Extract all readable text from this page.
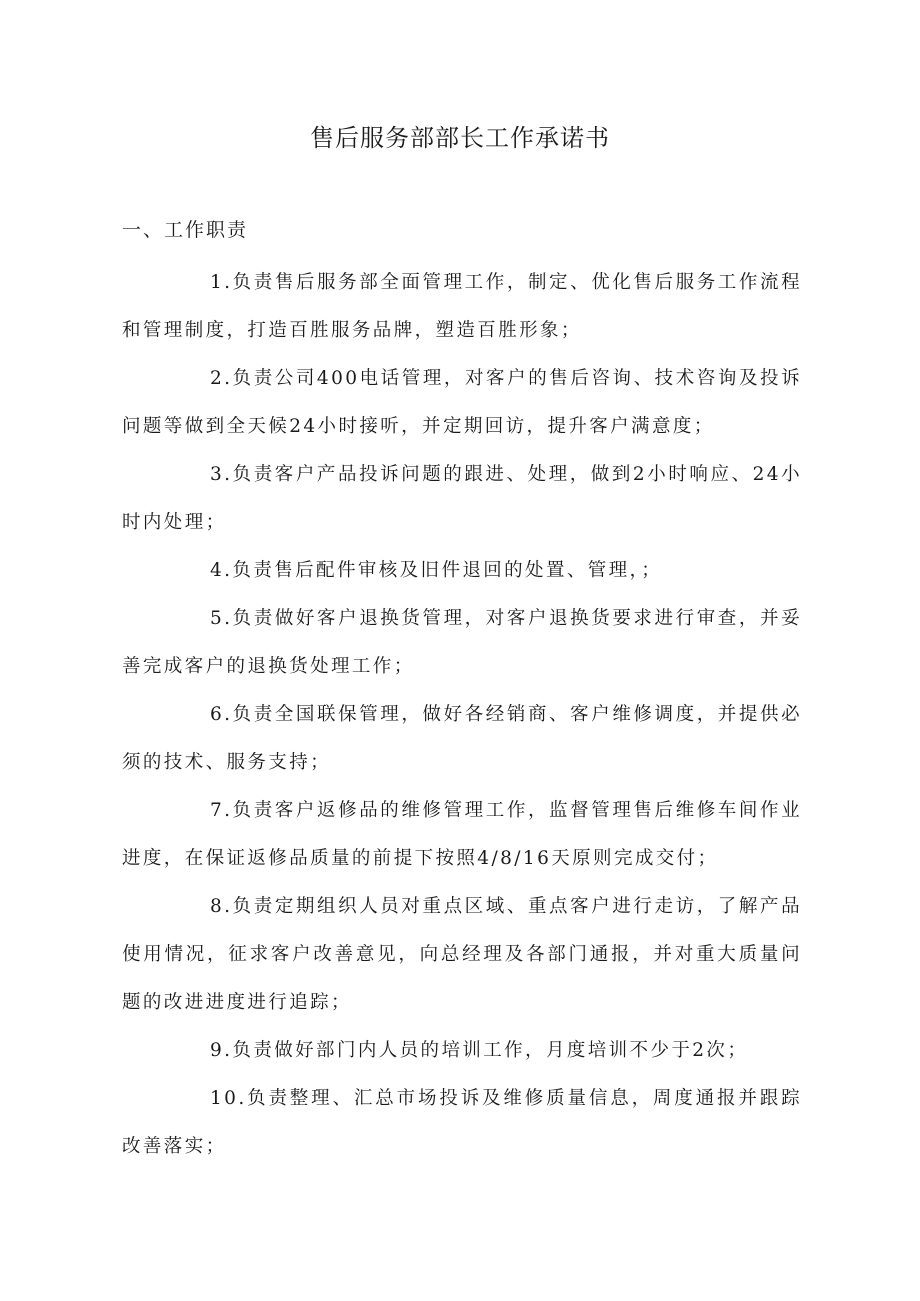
售后服务部部长工作承诺书
一、工作职责

1.负责售后服务部全面管理工作，制定、优化售后服务工作流程和管理制度，打造百胜服务品牌，塑造百胜形象；

2.负责公司400电话管理，对客户的售后咨询、技术咨询及投诉问题等做到全天候24小时接听，并定期回访，提升客户满意度；

3.负责客户产品投诉问题的跟进、处理，做到2小时响应、24小时内处理；

4.负责售后配件审核及旧件退回的处置、管理，；

5.负责做好客户退换货管理，对客户退换货要求进行审查，并妥善完成客户的退换货处理工作；

6.负责全国联保管理，做好各经销商、客户维修调度，并提供必须的技术、服务支持；

7.负责客户返修品的维修管理工作，监督管理售后维修车间作业进度，在保证返修品质量的前提下按照4/8/16天原则完成交付；

8.负责定期组织人员对重点区域、重点客户进行走访，了解产品使用情况，征求客户改善意见，向总经理及各部门通报，并对重大质量问题的改进进度进行追踪；

9.负责做好部门内人员的培训工作，月度培训不少于2次；

10.负责整理、汇总市场投诉及维修质量信息，周度通报并跟踪改善落实；
